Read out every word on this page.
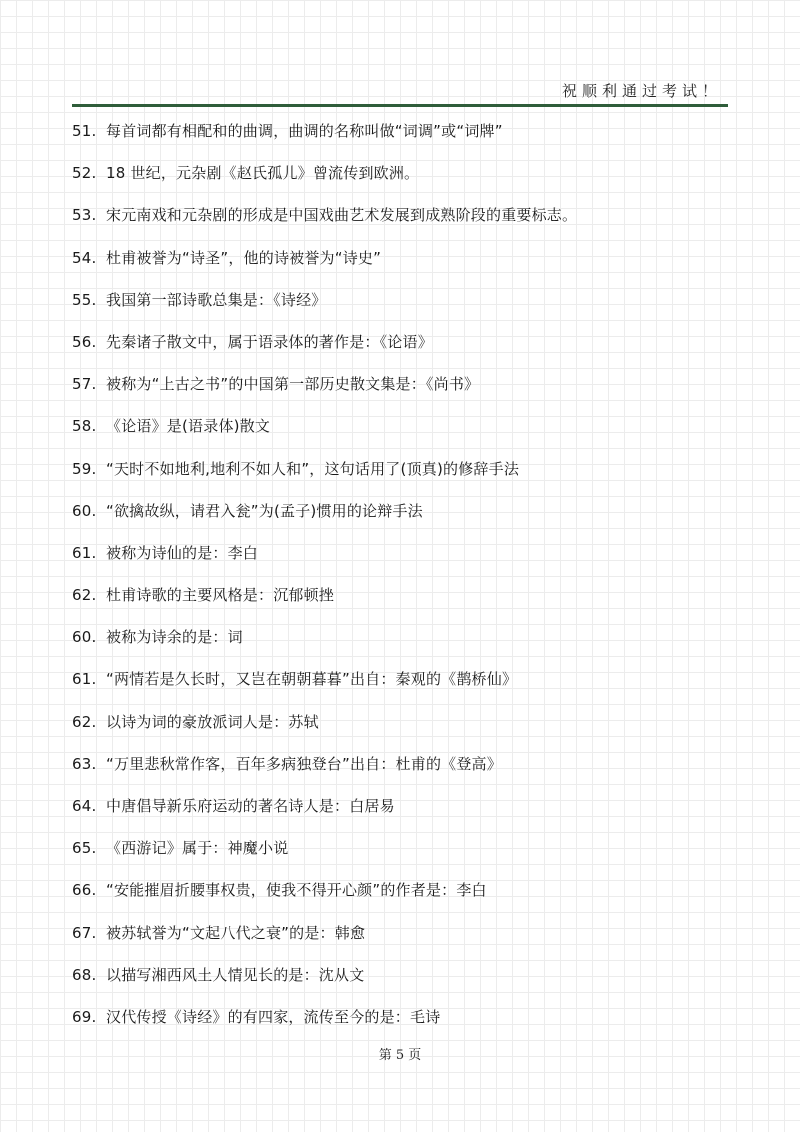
祝顺利通过考试！
51. 每首词都有相配和的曲调，曲调的名称叫做“词调”或“词牌”
52. 18 世纪，元杂剧《赵氏孤儿》曾流传到欧洲。
53. 宋元南戏和元杂剧的形成是中国戏曲艺术发展到成熟阶段的重要标志。
54. 杜甫被誉为“诗圣”，他的诗被誉为“诗史”
55. 我国第一部诗歌总集是：《诗经》
56. 先秦诸子散文中，属于语录体的著作是：《论语》
57. 被称为“上古之书”的中国第一部历史散文集是：《尚书》
58. 《论语》是(语录体)散文
59. “天时不如地利,地利不如人和”，这句话用了(顶真)的修辞手法
60. “欲擒故纵，请君入瓮”为(孟子)惯用的论辩手法
61. 被称为诗仙的是：李白
62. 杜甫诗歌的主要风格是：沉郁顿挫
60. 被称为诗余的是：词
61. “两情若是久长时，又岂在朝朝暮暮”出自：秦观的《鹊桥仙》
62. 以诗为词的豪放派词人是：苏轼
63. “万里悲秋常作客，百年多病独登台”出自：杜甫的《登高》
64. 中唐倡导新乐府运动的著名诗人是：白居易
65. 《西游记》属于：神魔小说
66. “安能摧眉折腰事权贵，使我不得开心颜”的作者是：李白
67. 被苏轼誉为“文起八代之衰”的是：韩愈
68. 以描写湘西风土人情见长的是：沈从文
69. 汉代传授《诗经》的有四家，流传至今的是：毛诗
第 5 页
